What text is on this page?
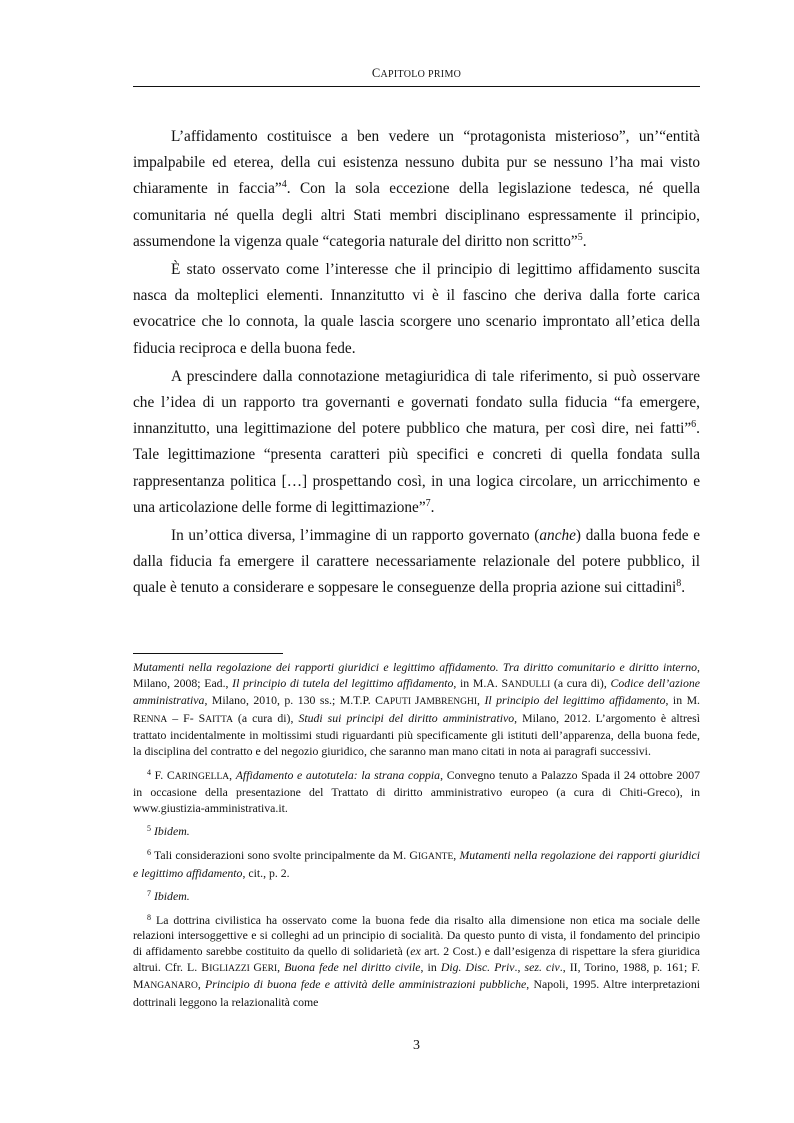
CAPITOLO PRIMO

L’affidamento costituisce a ben vedere un “protagonista misterioso”, un’“entità impalpabile ed eterea, della cui esistenza nessuno dubita pur se nessuno l’ha mai visto chiaramente in faccia”$^4$. Con la sola eccezione della legislazione tedesca, né quella comunitaria né quella degli altri Stati membri disciplinano espressamente il principio, assumendone la vigenza quale “categoria naturale del diritto non scritto”$^5$.

È stato osservato come l’interesse che il principio di legittimo affidamento suscita nasca da molteplici elementi. Innanzitutto vi è il fascino che deriva dalla forte carica evocatrice che lo connota, la quale lascia scorgere uno scenario improntato all’etica della fiducia reciproca e della buona fede.

A prescindere dalla connotazione metagiuridica di tale riferimento, si può osservare che l’idea di un rapporto tra governanti e governati fondato sulla fiducia “fa emergere, innanzitutto, una legittimazione del potere pubblico che matura, per così dire, nei fatti”$^6$. Tale legittimazione “presenta caratteri più specifici e concreti di quella fondata sulla rappresentanza politica […] prospettando così, in una logica circolare, un arricchimento e una articolazione delle forme di legittimazione”$^7$.

In un’ottica diversa, l’immagine di un rapporto governato (anche) dalla buona fede e dalla fiducia fa emergere il carattere necessariamente relazionale del potere pubblico, il quale è tenuto a considerare e soppesare le conseguenze della propria azione sui cittadini$^8$.

Mutamenti nella regolazione dei rapporti giuridici e legittimo affidamento. Tra diritto comunitario e diritto interno, Milano, 2008; Ead., Il principio di tutela del legittimo affidamento, in M.A. SANDULLI (a cura di), Codice dell’azione amministrativa, Milano, 2010, p. 130 ss.; M.T.P. CAPUTI JAMBRENGHI, Il principio del legittimo affidamento, in M. RENNA – F- SAITTA (a cura di), Studi sui principi del diritto amministrativo, Milano, 2012. L’argomento è altresì trattato incidentalmente in moltissimi studi riguardanti più specificamente gli istituti dell’apparenza, della buona fede, la disciplina del contratto e del negozio giuridico, che saranno man mano citati in nota ai paragrafi successivi.

$^4$ F. CARINGELLA, Affidamento e autotutela: la strana coppia, Convegno tenuto a Palazzo Spada il 24 ottobre 2007 in occasione della presentazione del Trattato di diritto amministrativo europeo (a cura di Chiti-Greco), in www.giustizia-amministrativa.it.

$^5$ Ibidem.

$^6$ Tali considerazioni sono svolte principalmente da M. GIGANTE, Mutamenti nella regolazione dei rapporti giuridici e legittimo affidamento, cit., p. 2.

$^7$ Ibidem.

$^8$ La dottrina civilistica ha osservato come la buona fede dia risalto alla dimensione non etica ma sociale delle relazioni intersoggettive e si colleghi ad un principio di socialità. Da questo punto di vista, il fondamento del principio di affidamento sarebbe costituito da quello di solidarietà (ex art. 2 Cost.) e dall’esigenza di rispettare la sfera giuridica altrui. Cfr. L. BIGLIAZZI GERI, Buona fede nel diritto civile, in Dig. Disc. Priv., sez. civ., II, Torino, 1988, p. 161; F. MANGANARO, Principio di buona fede e attività delle amministrazioni pubbliche, Napoli, 1995. Altre interpretazioni dottrinali leggono la relazionalità come

3
